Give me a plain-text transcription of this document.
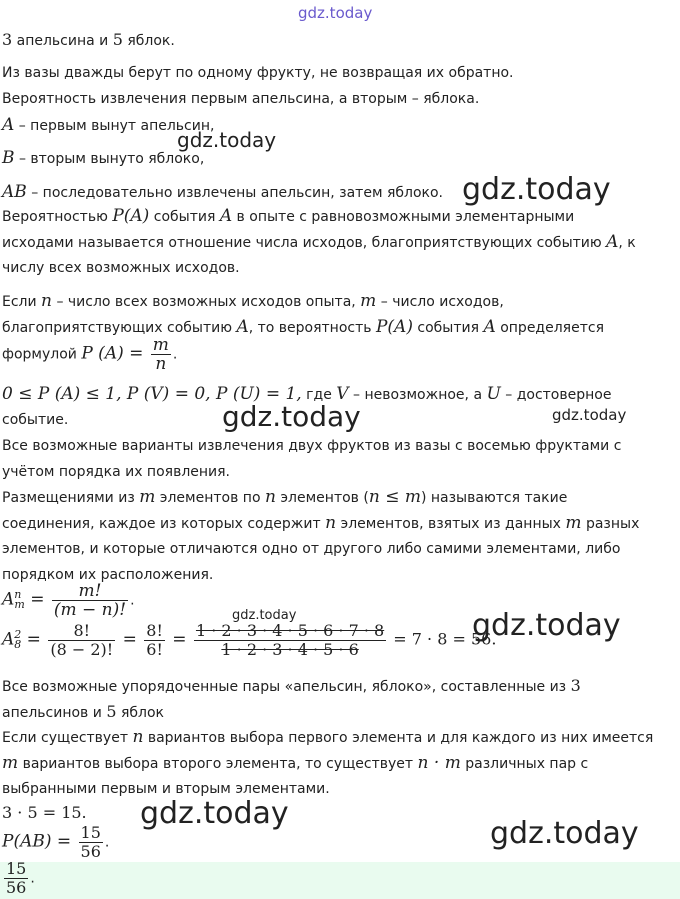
gdz.today
3 апельсина и 5 яблок.
Из вазы дважды берут по одному фрукту, не возвращая их обратно.
Вероятность извлечения первым апельсина, а вторым – яблока.
A – первым вынут апельсин,
gdz.today
B – вторым вынуто яблоко,
AB – последовательно извлечены апельсин, затем яблоко. gdz.today
Вероятностью P(A) события A в опыте с равновозможными элементарными
исходами называется отношение числа исходов, благоприятствующих событию A, к
числу всех возможных исходов.
Если n – число всех возможных исходов опыта, m – число исходов,
благоприятствующих событию A, то вероятность P(A) события A определяется
формулой P $(A) = \frac{m}{n}$ .
0 ≤ P (A) ≤ 1, P (V) = 0, P (U) = 1, где V – невозможное, а U – достоверное
событие.	gdz.today	gdz.today
Все возможные варианты извлечения двух фруктов из вазы с восемью фруктами с
учётом порядка их появления.
Размещениями из m элементов по n элементов (n ≤ m) называются такие
соединения, каждое из которых содержит n элементов, взятых из данных m разных
элементов, и которые отличаются одно от другого либо самими элементами, либо
порядком их расположения.
$A^n_m = \frac{m!}{(m - n)!}$ .
gdz.today	gdz.today
$A^2_8 = \frac{8!}{(8 - 2)!} = \frac{8!}{6!} = \frac{1 \cdot 2 \cdot 3 \cdot 4 \cdot 5 \cdot 6 \cdot 7 \cdot 8}{1 \cdot 2 \cdot 3 \cdot 4 \cdot 5 \cdot 6} = 7 \cdot 8 = 56$.
Все возможные упорядоченные пары «апельсин, яблоко», составленные из 3
апельсинов и 5 яблок
Если существует n вариантов выбора первого элемента и для каждого из них имеется
m вариантов выбора второго элемента, то существует n · m различных пар с
выбранными первым и вторым элементами.
3 · 5 = 15. gdz.today
$P(AB) = \frac{15}{56}$ .	gdz.today
$\frac{15}{56}$ .
